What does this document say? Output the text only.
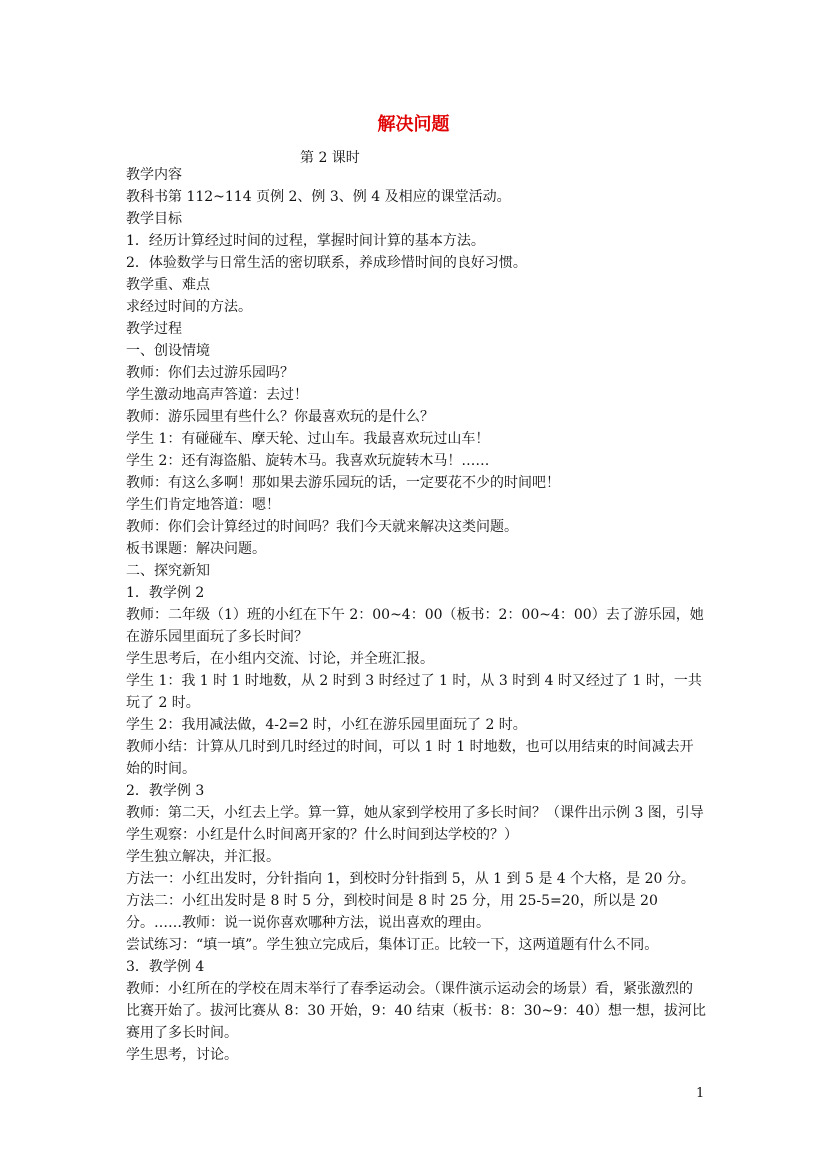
解决问题
第 2 课时

教学内容

教科书第 112~114 页例 2、例 3、例 4 及相应的课堂活动。

教学目标

1．经历计算经过时间的过程，掌握时间计算的基本方法。

2．体验数学与日常生活的密切联系，养成珍惜时间的良好习惯。

教学重、难点

求经过时间的方法。

教学过程

一、创设情境

教师：你们去过游乐园吗？

学生激动地高声答道：去过！

教师：游乐园里有些什么？你最喜欢玩的是什么？

学生 1：有碰碰车、摩天轮、过山车。我最喜欢玩过山车！

学生 2：还有海盗船、旋转木马。我喜欢玩旋转木马！……

教师：有这么多啊！那如果去游乐园玩的话，一定要花不少的时间吧！

学生们肯定地答道：嗯！

教师：你们会计算经过的时间吗？我们今天就来解决这类问题。

板书课题：解决问题。

二、探究新知

1．教学例 2

教师：二年级（1）班的小红在下午 2：00~4：00（板书：2：00~4：00）去了游乐园，她在游乐园里面玩了多长时间？

学生思考后，在小组内交流、讨论，并全班汇报。

学生 1：我 1 时 1 时地数，从 2 时到 3 时经过了 1 时，从 3 时到 4 时又经过了 1 时，一共玩了 2 时。

学生 2：我用减法做，4-2=2 时，小红在游乐园里面玩了 2 时。

教师小结：计算从几时到几时经过的时间，可以 1 时 1 时地数，也可以用结束的时间减去开始的时间。

2．教学例 3

教师：第二天，小红去上学。算一算，她从家到学校用了多长时间？（课件出示例 3 图，引导学生观察：小红是什么时间离开家的？什么时间到达学校的？）

学生独立解决，并汇报。

方法一：小红出发时，分针指向 1，到校时分针指到 5，从 1 到 5 是 4 个大格，是 20 分。

方法二：小红出发时是 8 时 5 分，到校时间是 8 时 25 分，用 25-5=20，所以是 20 分。……教师：说一说你喜欢哪种方法，说出喜欢的理由。

尝试练习：“填一填”。学生独立完成后，集体订正。比较一下，这两道题有什么不同。

3．教学例 4

教师：小红所在的学校在周末举行了春季运动会。（课件演示运动会的场景）看，紧张激烈的比赛开始了。拔河比赛从 8：30 开始，9：40 结束（板书：8：30~9：40）想一想，拔河比赛用了多长时间。

学生思考，讨论。

1
